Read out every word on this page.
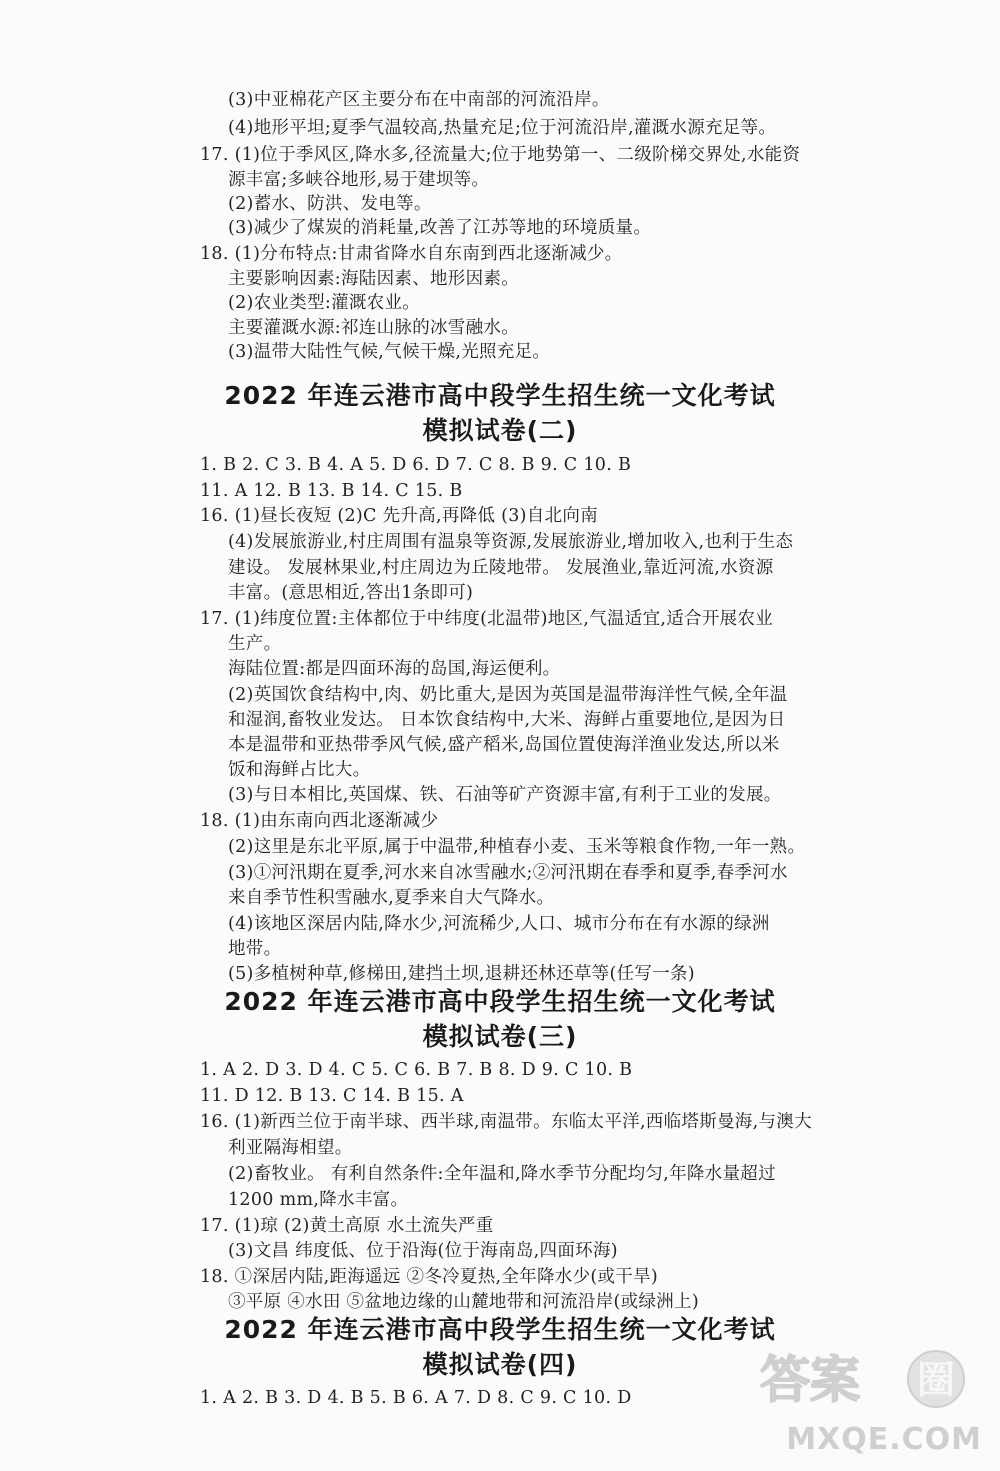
(3)中亚棉花产区主要分布在中南部的河流沿岸。
(4)地形平坦;夏季气温较高,热量充足;位于河流沿岸,灌溉水源充足等。
17. (1)位于季风区,降水多,径流量大;位于地势第一、二级阶梯交界处,水能资
源丰富;多峡谷地形,易于建坝等。
(2)蓄水、防洪、发电等。
(3)减少了煤炭的消耗量,改善了江苏等地的环境质量。
18. (1)分布特点:甘肃省降水自东南到西北逐渐减少。
主要影响因素:海陆因素、地形因素。
(2)农业类型:灌溉农业。
主要灌溉水源:祁连山脉的冰雪融水。
(3)温带大陆性气候,气候干燥,光照充足。
2022 年连云港市高中段学生招生统一文化考试
模拟试卷(二)
1. B 2. C 3. B 4. A 5. D 6. D 7. C 8. B 9. C 10. B
11. A 12. B 13. B 14. C 15. B
16. (1)昼长夜短 (2)C 先升高,再降低 (3)自北向南
(4)发展旅游业,村庄周围有温泉等资源,发展旅游业,增加收入,也利于生态
建设。 发展林果业,村庄周边为丘陵地带。 发展渔业,靠近河流,水资源
丰富。(意思相近,答出1条即可)
17. (1)纬度位置:主体都位于中纬度(北温带)地区,气温适宜,适合开展农业
生产。
海陆位置:都是四面环海的岛国,海运便利。
(2)英国饮食结构中,肉、奶比重大,是因为英国是温带海洋性气候,全年温
和湿润,畜牧业发达。 日本饮食结构中,大米、海鲜占重要地位,是因为日
本是温带和亚热带季风气候,盛产稻米,岛国位置使海洋渔业发达,所以米
饭和海鲜占比大。
(3)与日本相比,英国煤、铁、石油等矿产资源丰富,有利于工业的发展。
18. (1)由东南向西北逐渐减少
(2)这里是东北平原,属于中温带,种植春小麦、玉米等粮食作物,一年一熟。
(3)①河汛期在夏季,河水来自冰雪融水;②河汛期在春季和夏季,春季河水
来自季节性积雪融水,夏季来自大气降水。
(4)该地区深居内陆,降水少,河流稀少,人口、城市分布在有水源的绿洲
地带。
(5)多植树种草,修梯田,建挡土坝,退耕还林还草等(任写一条)
2022 年连云港市高中段学生招生统一文化考试
模拟试卷(三)
1. A 2. D 3. D 4. C 5. C 6. B 7. B 8. D 9. C 10. B
11. D 12. B 13. C 14. B 15. A
16. (1)新西兰位于南半球、西半球,南温带。东临太平洋,西临塔斯曼海,与澳大
利亚隔海相望。
(2)畜牧业。 有利自然条件:全年温和,降水季节分配均匀,年降水量超过
1200 mm,降水丰富。
17. (1)琼 (2)黄土高原 水土流失严重
(3)文昌 纬度低、位于沿海(位于海南岛,四面环海)
18. ①深居内陆,距海遥远 ②冬冷夏热,全年降水少(或干旱)
③平原 ④水田 ⑤盆地边缘的山麓地带和河流沿岸(或绿洲上)
2022 年连云港市高中段学生招生统一文化考试
模拟试卷(四)
1. A 2. B 3. D 4. B 5. B 6. A 7. D 8. C 9. C 10. D	答案 圈
MXQE.COM
